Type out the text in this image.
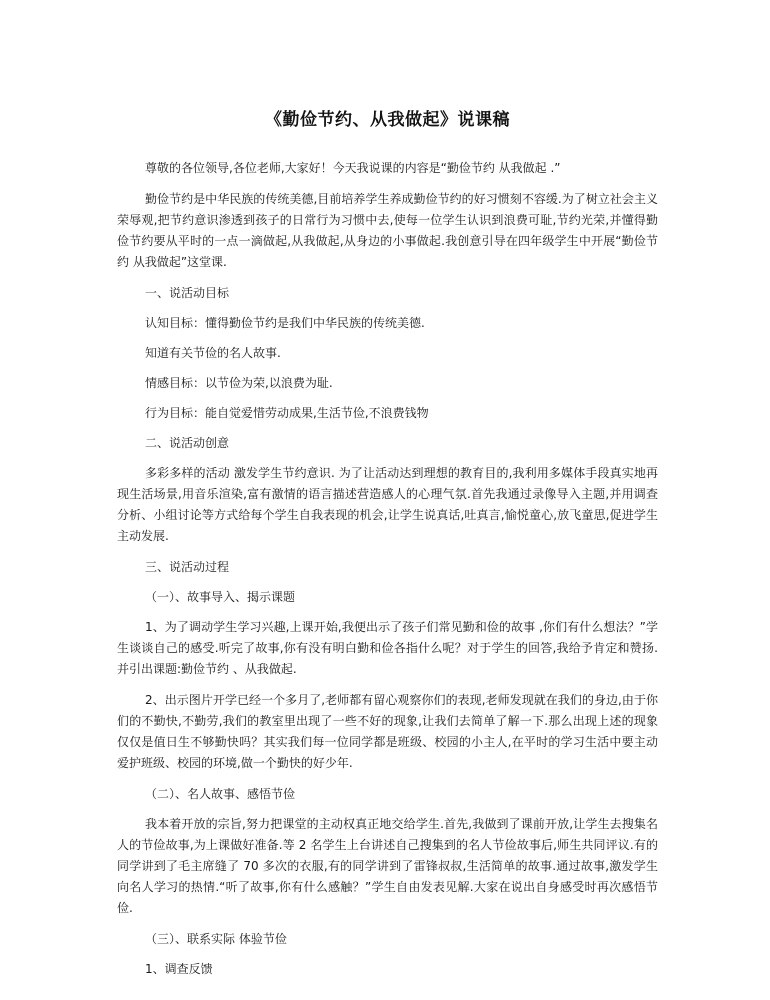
《勤俭节约、从我做起》说课稿

尊敬的各位领导,各位老师,大家好！今天我说课的内容是“勤俭节约 从我做起 .”

勤俭节约是中华民族的传统美德,目前培养学生养成勤俭节约的好习惯刻不容缓.为了树立社会主义荣辱观,把节约意识渗透到孩子的日常行为习惯中去,使每一位学生认识到浪费可耻,节约光荣,并懂得勤俭节约要从平时的一点一滴做起,从我做起,从身边的小事做起.我创意引导在四年级学生中开展“勤俭节约 从我做起”这堂课.

一、说活动目标

认知目标：懂得勤俭节约是我们中华民族的传统美德.

知道有关节俭的名人故事.

情感目标：以节俭为荣,以浪费为耻.

行为目标：能自觉爱惜劳动成果,生活节俭,不浪费钱物

二、说活动创意

多彩多样的活动 激发学生节约意识. 为了让活动达到理想的教育目的,我利用多媒体手段真实地再现生活场景,用音乐渲染,富有激情的语言描述营造感人的心理气氛.首先我通过录像导入主题,并用调查分析、小组讨论等方式给每个学生自我表现的机会,让学生说真话,吐真言,愉悦童心,放飞童思,促进学生主动发展.

三、说活动过程

（一）、故事导入、揭示课题

1、为了调动学生学习兴趣,上课开始,我便出示了孩子们常见勤和俭的故事 ,你们有什么想法？”学生谈谈自己的感受.听完了故事,你有没有明白勤和俭各指什么呢？对于学生的回答,我给予肯定和赞扬.并引出课题:勤俭节约 、从我做起.

2、出示图片开学已经一个多月了,老师都有留心观察你们的表现,老师发现就在我们的身边,由于你们的不勤快,不勤劳,我们的教室里出现了一些不好的现象,让我们去简单了解一下.那么出现上述的现象仅仅是值日生不够勤快吗？其实我们每一位同学都是班级、校园的小主人,在平时的学习生活中要主动爱护班级、校园的环境,做一个勤快的好少年.

（二）、名人故事、感悟节俭

我本着开放的宗旨,努力把课堂的主动权真正地交给学生.首先,我做到了课前开放,让学生去搜集名人的节俭故事,为上课做好准备.等 2 名学生上台讲述自己搜集到的名人节俭故事后,师生共同评议.有的同学讲到了毛主席缝了 70 多次的衣服,有的同学讲到了雷锋叔叔,生活简单的故事.通过故事,激发学生向名人学习的热情.“听了故事,你有什么感触？”学生自由发表见解.大家在说出自身感受时再次感悟节俭.

（三）、联系实际 体验节俭

1、调查反馈
